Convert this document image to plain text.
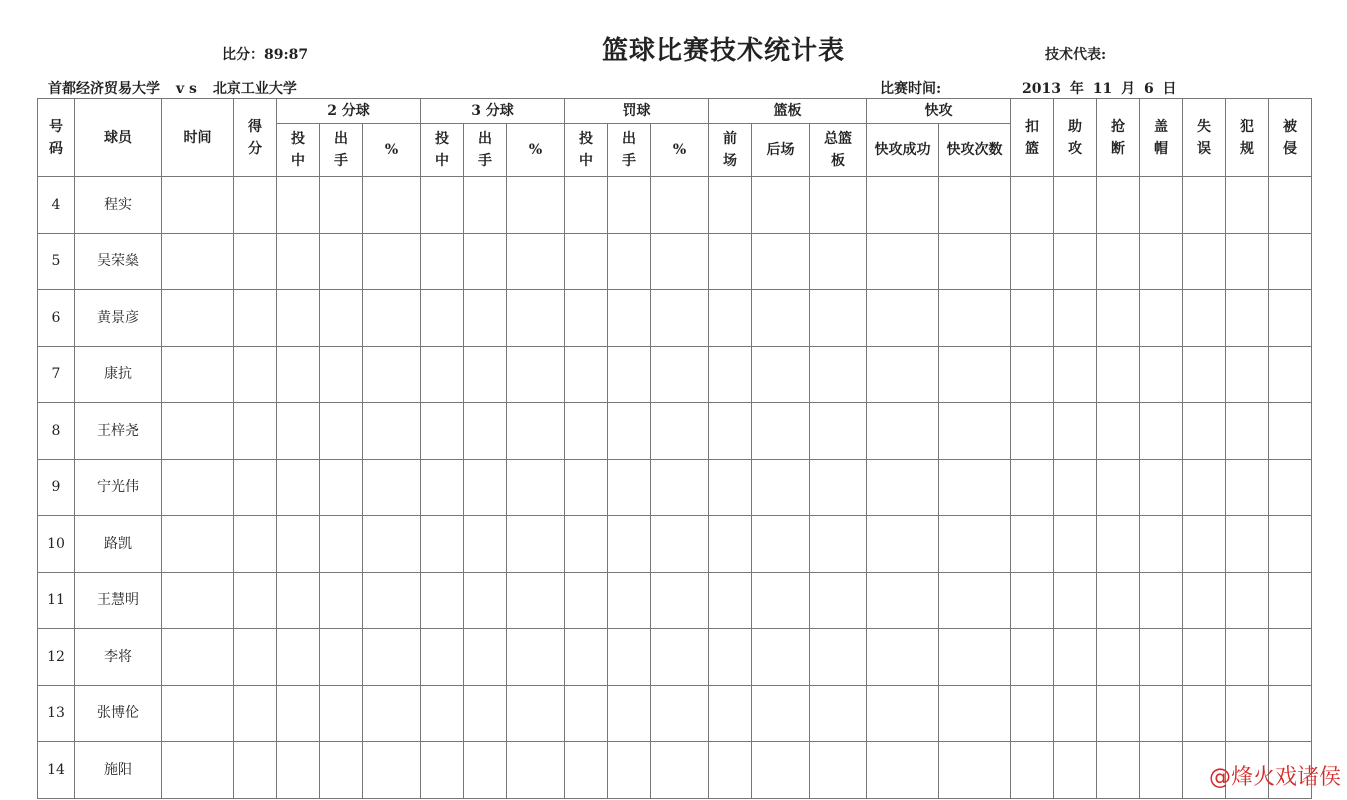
比分：89:87	篮球比赛技术统计表	技术代表:
首都经济贸易大学 v s 北京工业大学	比赛时间:	2013 年 11 月 6 日
号码	球员	时间	得分	2 分球			3 分球			罚球			篮板			快攻		扣篮	助攻	抢断	盖帽	失误	犯规	被侵
				投中	出手	%	投中	出手	%	投中	出手	%	前场	后场	总篮板	快攻成功	快攻次数							
4	程实																							
5	吴荣燊																							
6	黄景彦																							
7	康抗																							
8	王梓尧																							
9	宁光伟																							
10	路凯																							
11	王慧明																							
12	李将																							
13	张博伦																							
14	施阳																								@烽火戏诸侯
